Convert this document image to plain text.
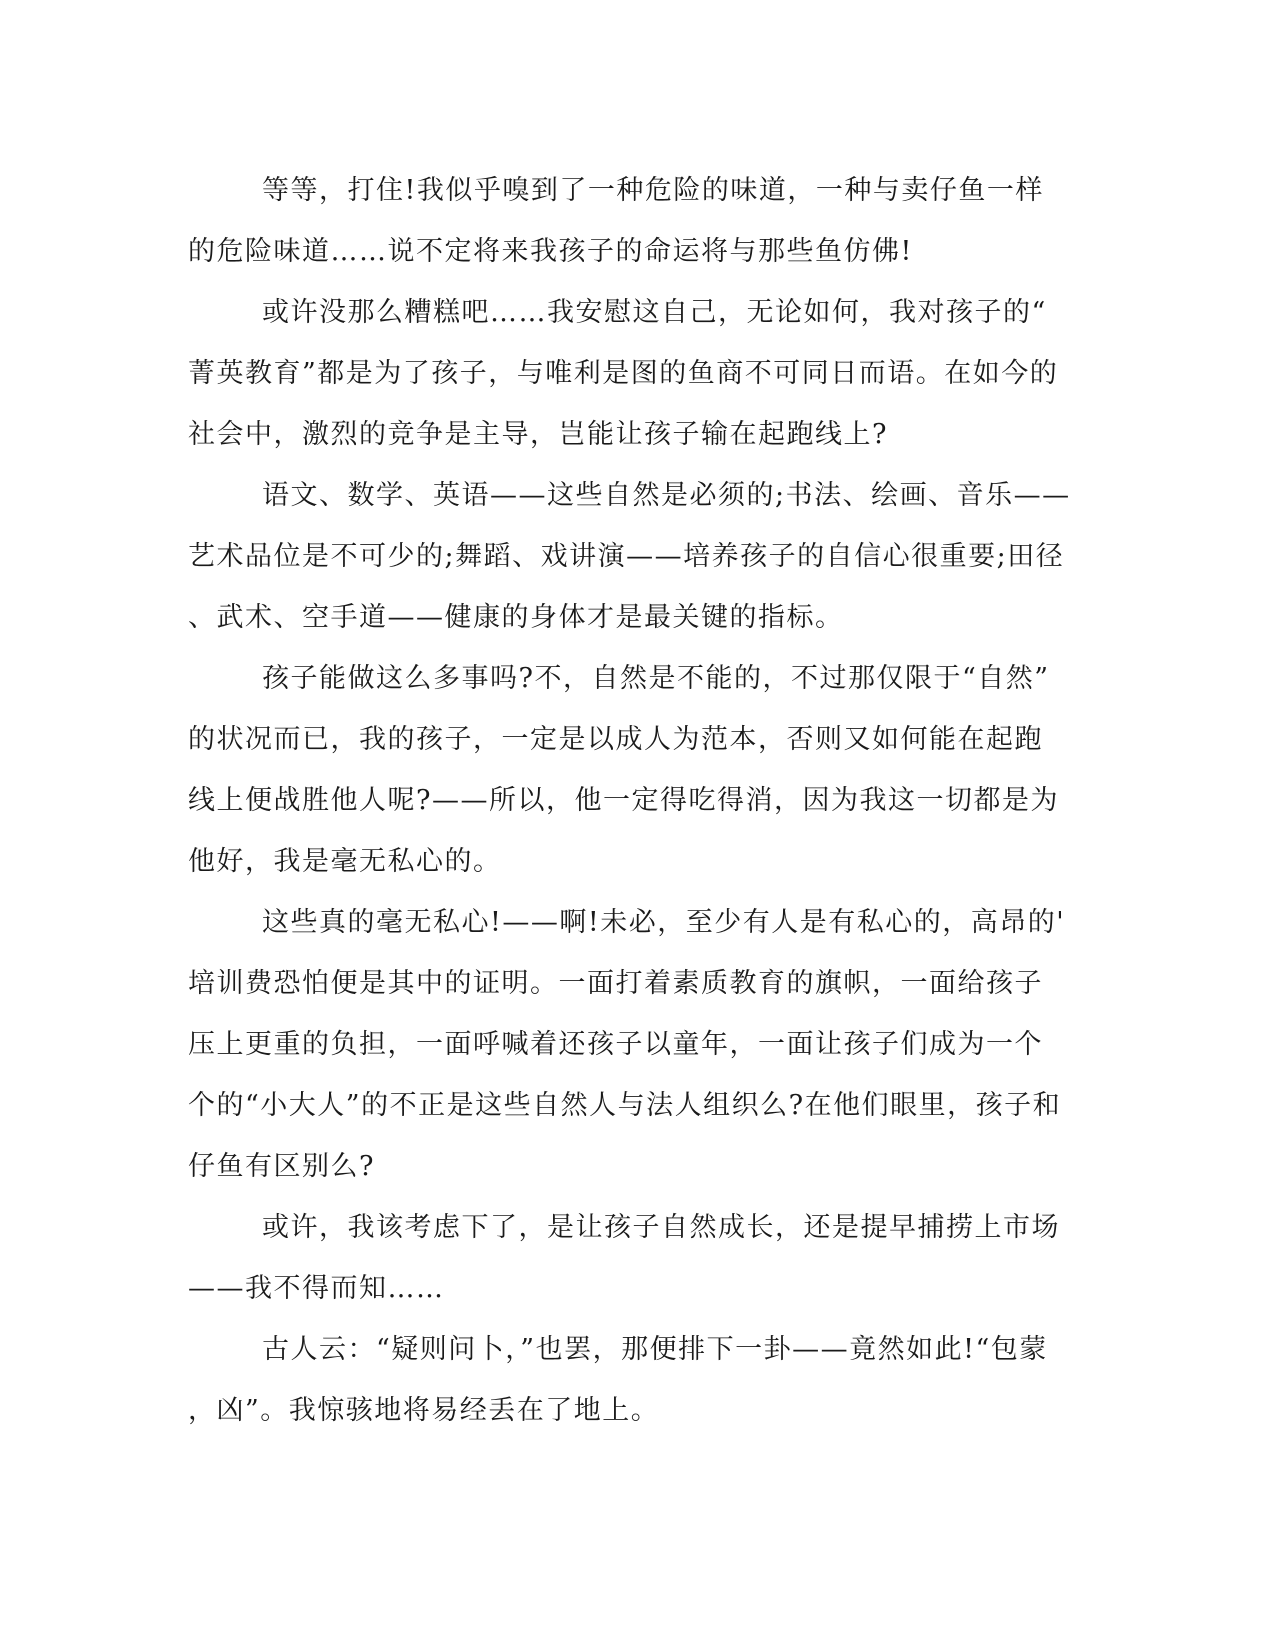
等等，打住!我似乎嗅到了一种危险的味道，一种与卖仔鱼一样
的危险味道……说不定将来我孩子的命运将与那些鱼仿佛!
或许没那么糟糕吧……我安慰这自己，无论如何，我对孩子的“
菁英教育”都是为了孩子，与唯利是图的鱼商不可同日而语。在如今的
社会中，激烈的竞争是主导，岂能让孩子输在起跑线上?
语文、数学、英语——这些自然是必须的;书法、绘画、音乐——
艺术品位是不可少的;舞蹈、戏讲演——培养孩子的自信心很重要;田径
、武术、空手道——健康的身体才是最关键的指标。
孩子能做这么多事吗?不，自然是不能的，不过那仅限于“自然”
的状况而已，我的孩子，一定是以成人为范本，否则又如何能在起跑
线上便战胜他人呢?——所以，他一定得吃得消，因为我这一切都是为
他好，我是毫无私心的。
这些真的毫无私心!——啊!未必，至少有人是有私心的，高昂的'
培训费恐怕便是其中的证明。一面打着素质教育的旗帜，一面给孩子
压上更重的负担，一面呼喊着还孩子以童年，一面让孩子们成为一个
个的“小大人”的不正是这些自然人与法人组织么?在他们眼里，孩子和
仔鱼有区别么?
或许，我该考虑下了，是让孩子自然成长，还是提早捕捞上市场
——我不得而知……
古人云：“疑则问卜，”也罢，那便排下一卦——竟然如此!“包蒙
，凶”。我惊骇地将易经丢在了地上。
